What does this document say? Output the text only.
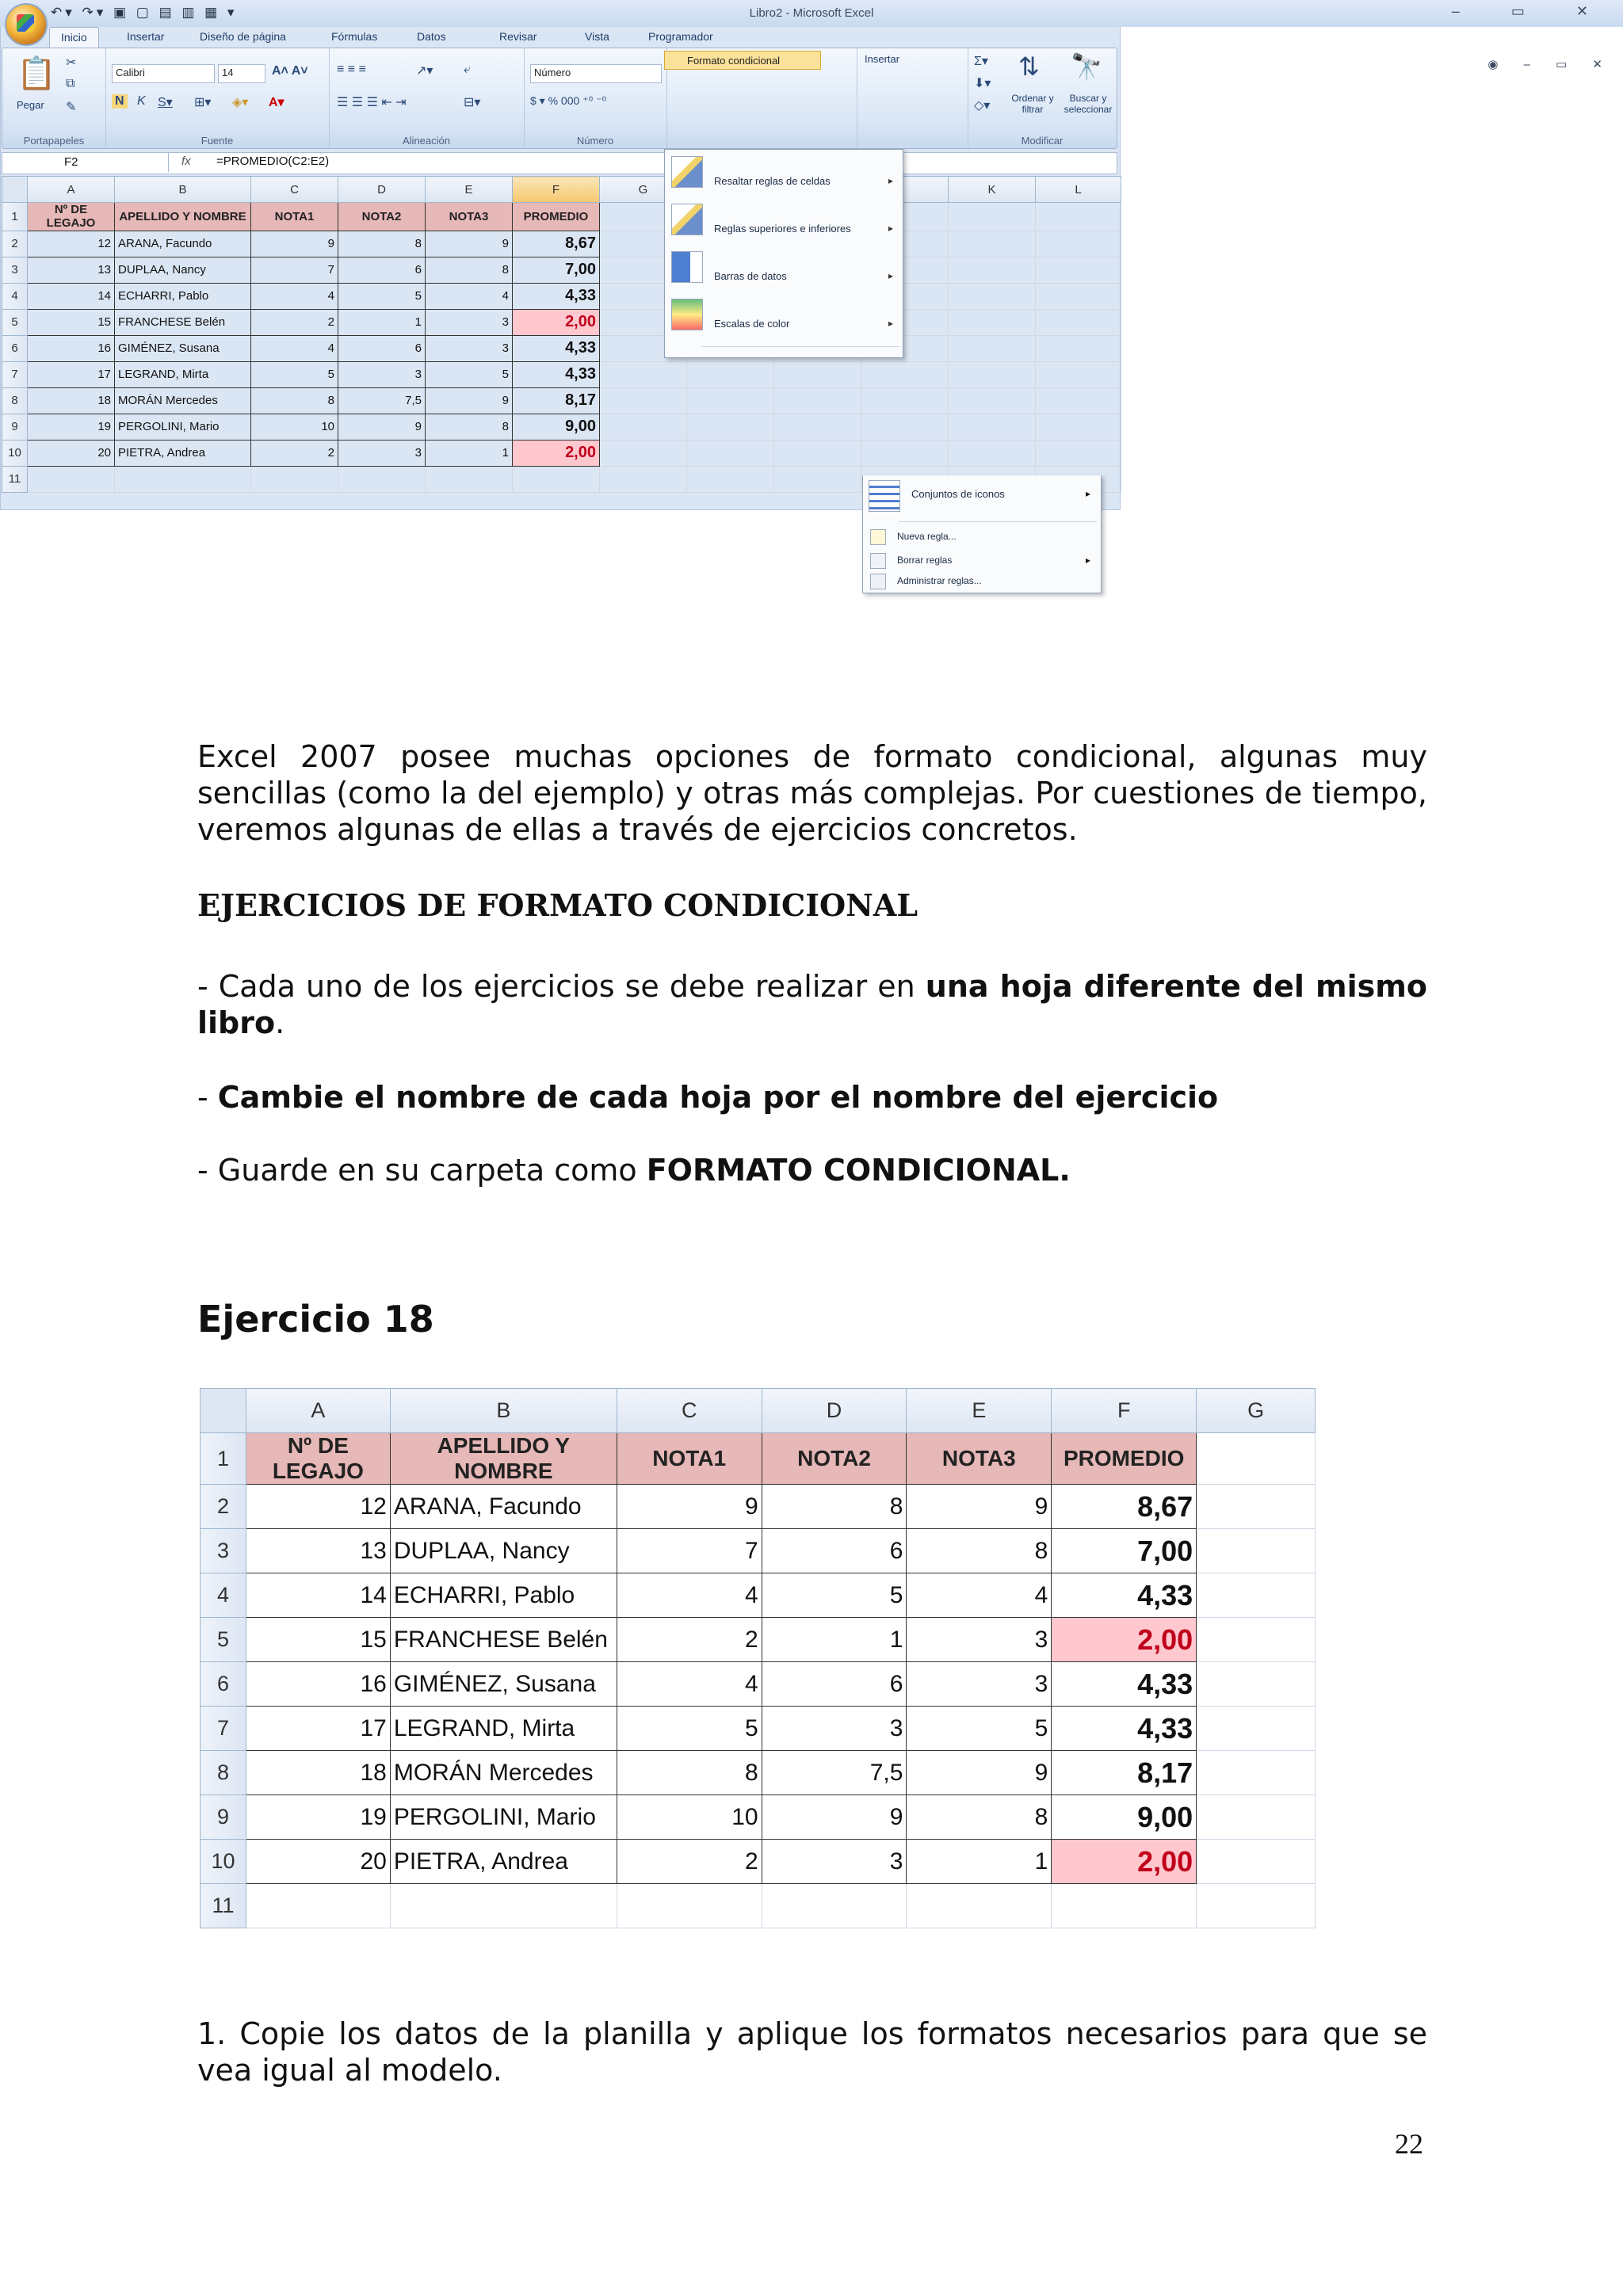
Libro2 - Microsoft Excel
↶▾ ↷▾ ▣ ▢ ▤ ▥ ▦ ▾	‒ ▭ ✕
Inicio	Insertar	Diseño de página	Fórmulas	Datos	Revisar	Vista	Programador
◉ ‒ ▭ ✕
📋
Pegar
✂
⧉
✎
Portapapeles
Calibri	14	A˄ A˅
N K S▾ ⊞▾ ◈▾ A▾
Fuente
≡ ≡ ≡	↗▾ ⤶
☰ ☰ ☰ ⇤ ⇥	⊟▾
Alineación
Número
$ ▾ % 000 ⁺⁰ ⁻⁰
Número
Insertar	Σ▾
⬇▾
◇▾
⇅ 🔭
Ordenar y filtrar
Buscar y seleccionar
Modificar
Formato condicional
F2	fx =PROMEDIO(C2:E2)
	A	B	C	D	E	F	G				K	L
1	Nº DE LEGAJO	APELLIDO Y NOMBRE	NOTA1	NOTA2	NOTA3	PROMEDIO						
2	12	ARANA, Facundo	9	8	9	8,67						
3	13	DUPLAA, Nancy	7	6	8	7,00						
4	14	ECHARRI, Pablo	4	5	4	4,33						
5	15	FRANCHESE Belén	2	1	3	2,00						
6	16	GIMÉNEZ, Susana	4	6	3	4,33						
7	17	LEGRAND, Mirta	5	3	5	4,33						
8	18	MORÁN Mercedes	8	7,5	9	8,17						
9	19	PERGOLINI, Mario	10	9	8	9,00						
10	20	PIETRA, Andrea	2	3	1	2,00						
11												
Resaltar reglas de celdas	▸
Reglas superiores e inferiores	▸
Barras de datos	▸
Escalas de color	▸
Excel 2007 posee muchas opciones de formato condicional, algunas muy sencillas (como la del ejemplo) y otras más complejas. Por cuestiones de tiempo, veremos algunas de ellas a través de ejercicios concretos.
EJERCICIOS DE FORMATO CONDICIONAL
- Cada uno de los ejercicios se debe realizar en una hoja diferente del mismo libro.
- Cambie el nombre de cada hoja por el nombre del ejercicio
- Guarde en su carpeta como FORMATO CONDICIONAL.
Ejercicio 18
	A	B	C	D	E	F	G
1	Nº DE LEGAJO	APELLIDO Y NOMBRE	NOTA1	NOTA2	NOTA3	PROMEDIO	
2	12	ARANA, Facundo	9	8	9	8,67	
3	13	DUPLAA, Nancy	7	6	8	7,00	
4	14	ECHARRI, Pablo	4	5	4	4,33	
5	15	FRANCHESE Belén	2	1	3	2,00	
6	16	GIMÉNEZ, Susana	4	6	3	4,33	
7	17	LEGRAND, Mirta	5	3	5	4,33	
8	18	MORÁN Mercedes	8	7,5	9	8,17	
9	19	PERGOLINI, Mario	10	9	8	9,00	
10	20	PIETRA, Andrea	2	3	1	2,00	
11							
1. Copie los datos de la planilla y aplique los formatos necesarios para que se vea igual al modelo.
22
Conjuntos de iconos	▸
Nueva regla...
Borrar reglas	▸
Administrar reglas...
